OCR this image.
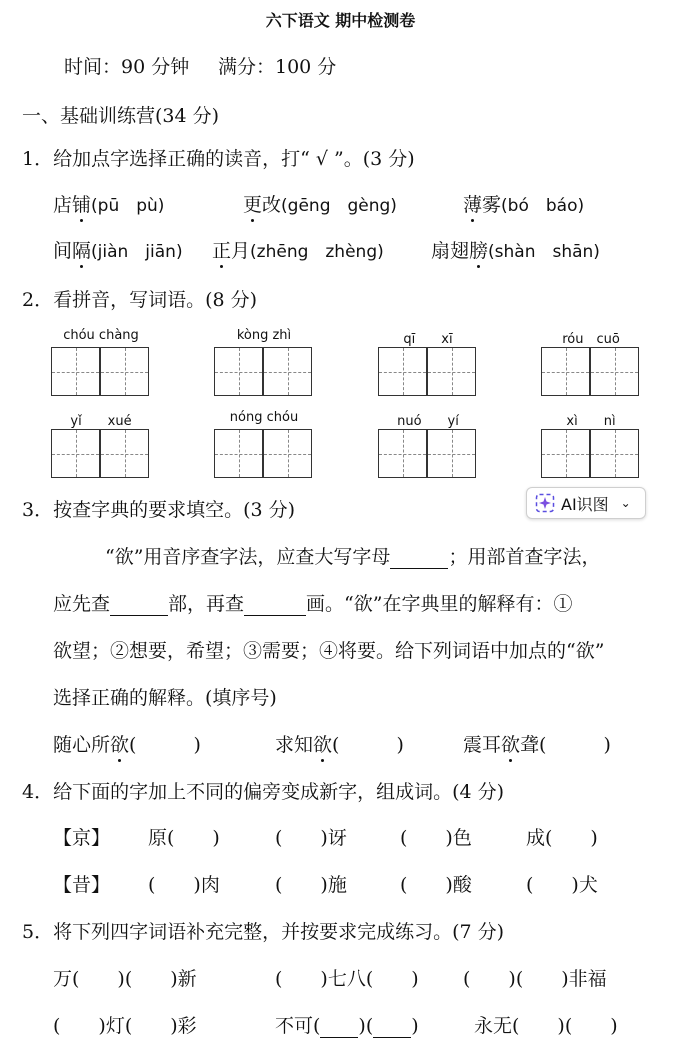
六下语文 期中检测卷
时间：90 分钟 满分：100 分
一、基础训练营(34 分)
1．给加点字选择正确的读音，打“ √ ”。(3 分)
店铺(pū　pù)	更改(gēng　gèng)	薄雾(bó　báo)
间隔(jiàn　jiān) 正月(zhēng　zhèng) 扇翅膀(shàn　shān)
2．看拼音，写词语。(8 分)
chóu chàng	kòng zhì	qī　　xī	róu　cuō
yǐ　　xué	nóng chóu	nuó　　yí	xì　　nì
3．按查字典的要求填空。(3 分)	AI识图 ⌄
“欲”用音序查字法，应查大写字母	；用部首查字法，
应先查	部，再查	画。“欲”在字典里的解释有：①
欲望；②想要，希望；③需要；④将要。给下列词语中加点的“欲”
选择正确的解释。(填序号)
随心所欲(　　　)	求知欲(　　　)	震耳欲聋(　　　)
4．给下面的字加上不同的偏旁变成新字，组成词。(4 分)
【京】 原(　　)	(　　)讶	(　　)色	成(　　)
【昔】 (　　)肉	(　　)施	(　　)酸	(　　)犬
5．将下列四字词语补充完整，并按要求完成练习。(7 分)
万(　　)(　　)新	(　　)七八(　　) (　　)(　　)非福
(　　)灯(　　)彩	不可( )( )	永无(　　)(　　)
